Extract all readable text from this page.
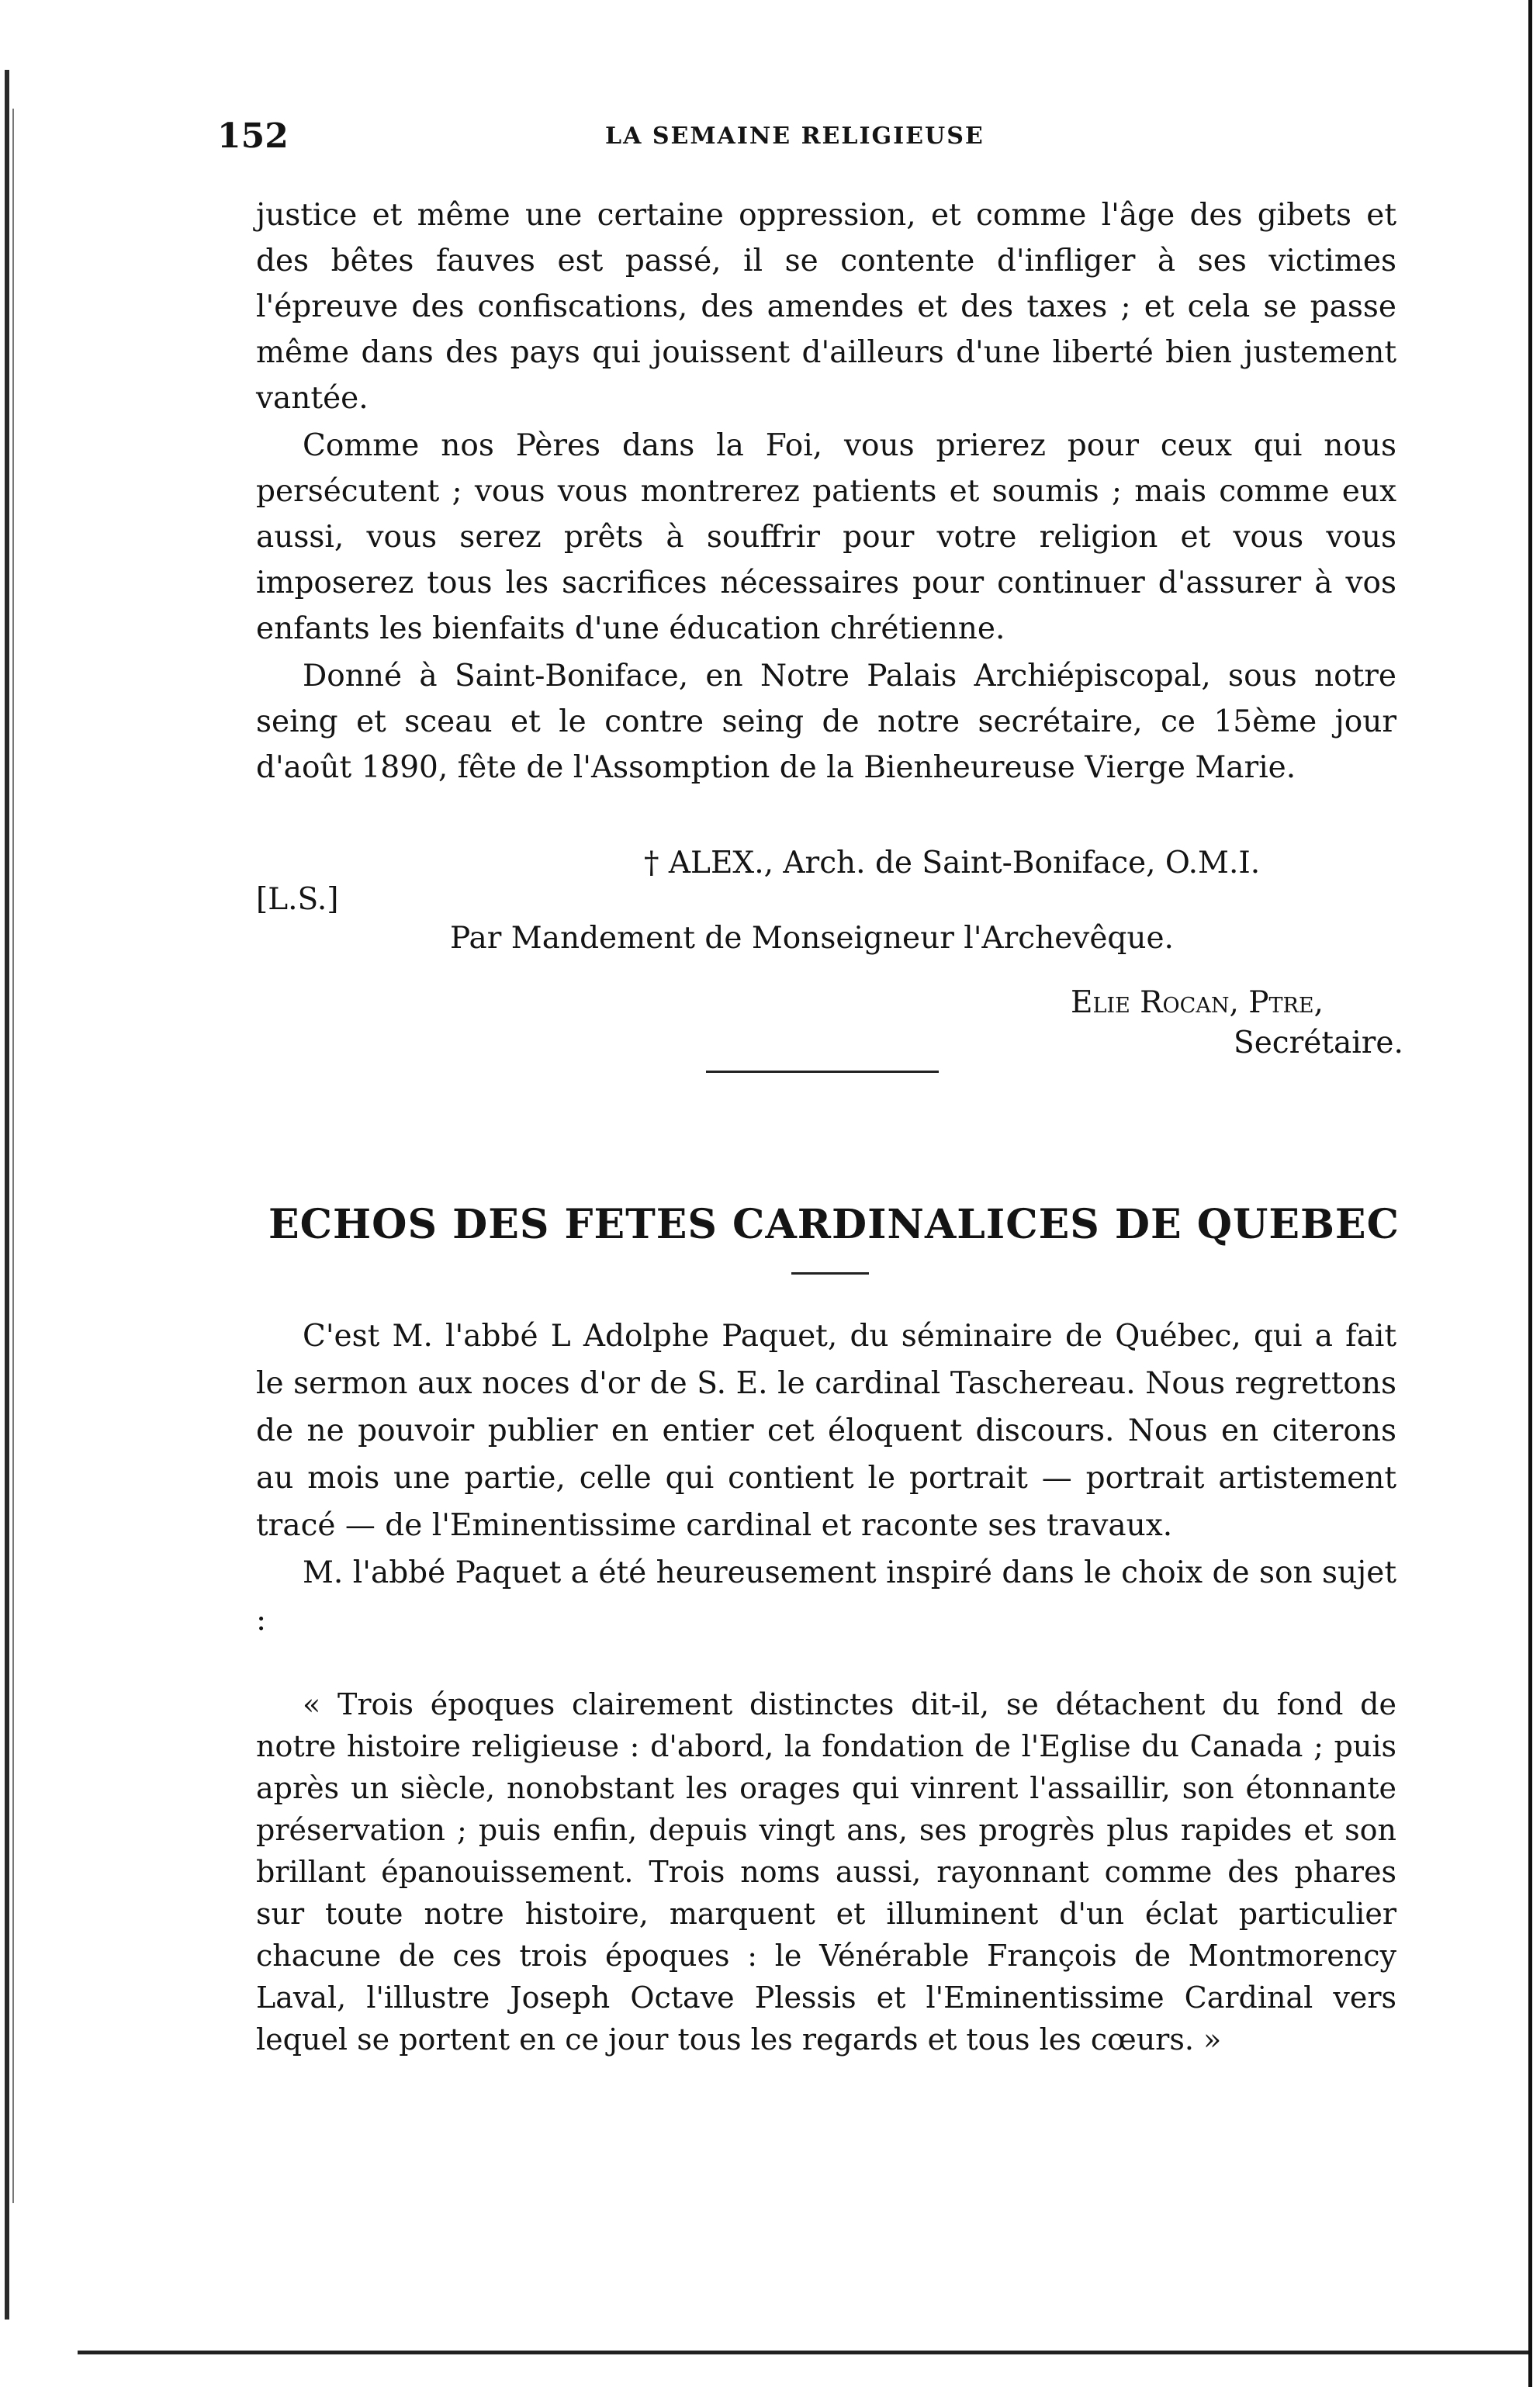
152	LA SEMAINE RELIGIEUSE

justice et même une certaine oppression, et comme l'âge des gibets et des bêtes fauves est passé, il se contente d'infliger à ses victimes l'épreuve des confiscations, des amendes et des taxes ; et cela se passe même dans des pays qui jouissent d'ailleurs d'une liberté bien justement vantée.

Comme nos Pères dans la Foi, vous prierez pour ceux qui nous persécutent ; vous vous montrerez patients et soumis ; mais comme eux aussi, vous serez prêts à souffrir pour votre religion et vous vous imposerez tous les sacrifices nécessaires pour continuer d'assurer à vos enfants les bienfaits d'une éducation chrétienne.

Donné à Saint-Boniface, en Notre Palais Archiépiscopal, sous notre seing et sceau et le contre seing de notre secrétaire, ce 15ème jour d'août 1890, fête de l'Assomption de la Bienheureuse Vierge Marie.

† ALEX., Arch. de Saint-Boniface, O.M.I.
[L.S.]
Par Mandement de Monseigneur l'Archevêque.
Elie Rocan, Ptre,
Secrétaire.
ECHOS DES FETES CARDINALICES DE QUEBEC

C'est M. l'abbé L Adolphe Paquet, du séminaire de Québec, qui a fait le sermon aux noces d'or de S. E. le cardinal Taschereau. Nous regrettons de ne pouvoir publier en entier cet éloquent discours. Nous en citerons au mois une partie, celle qui contient le portrait — portrait artistement tracé — de l'Eminentissime cardinal et raconte ses travaux.

M. l'abbé Paquet a été heureusement inspiré dans le choix de son sujet :

« Trois époques clairement distinctes dit-il, se détachent du fond de notre histoire religieuse : d'abord, la fondation de l'Eglise du Canada ; puis après un siècle, nonobstant les orages qui vinrent l'assaillir, son étonnante préservation ; puis enfin, depuis vingt ans, ses progrès plus rapides et son brillant épanouissement. Trois noms aussi, rayonnant comme des phares sur toute notre histoire, marquent et illuminent d'un éclat particulier chacune de ces trois époques : le Vénérable François de Montmorency Laval, l'illustre Joseph Octave Plessis et l'Eminentissime Cardinal vers lequel se portent en ce jour tous les regards et tous les cœurs. »
